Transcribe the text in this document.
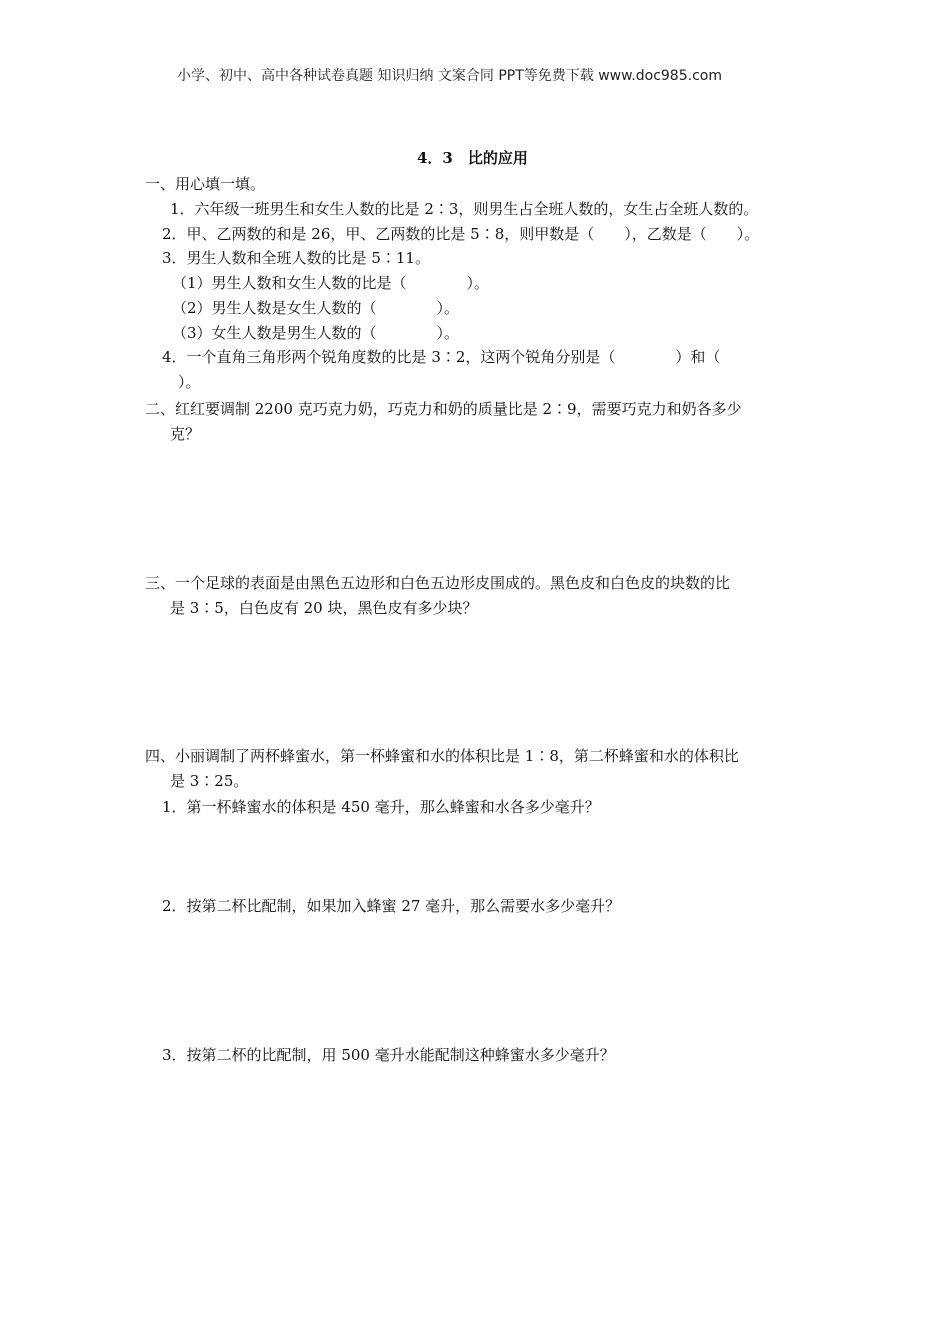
小学、初中、高中各种试卷真题 知识归纳 文案合同 PPT等免费下载 www.doc985.com
4．3　比的应用
一、用心填一填。
1．六年级一班男生和女生人数的比是 2∶3，则男生占全班人数的，女生占全班人数的。
2．甲、乙两数的和是 26，甲、乙两数的比是 5∶8，则甲数是（　　），乙数是（　　）。
3．男生人数和全班人数的比是 5∶11。
（1）男生人数和女生人数的比是（　　　　）。
（2）男生人数是女生人数的（　　　　）。
（3）女生人数是男生人数的（　　　　）。
4．一个直角三角形两个锐角度数的比是 3∶2，这两个锐角分别是（　　　　）和（
）。
二、红红要调制 2200 克巧克力奶，巧克力和奶的质量比是 2∶9，需要巧克力和奶各多少
克？
三、一个足球的表面是由黑色五边形和白色五边形皮围成的。黑色皮和白色皮的块数的比
是 3∶5，白色皮有 20 块，黑色皮有多少块？
四、小丽调制了两杯蜂蜜水，第一杯蜂蜜和水的体积比是 1∶8，第二杯蜂蜜和水的体积比
是 3∶25。
1．第一杯蜂蜜水的体积是 450 毫升，那么蜂蜜和水各多少毫升？
2．按第二杯比配制，如果加入蜂蜜 27 毫升，那么需要水多少毫升？
3．按第二杯的比配制，用 500 毫升水能配制这种蜂蜜水多少毫升？
